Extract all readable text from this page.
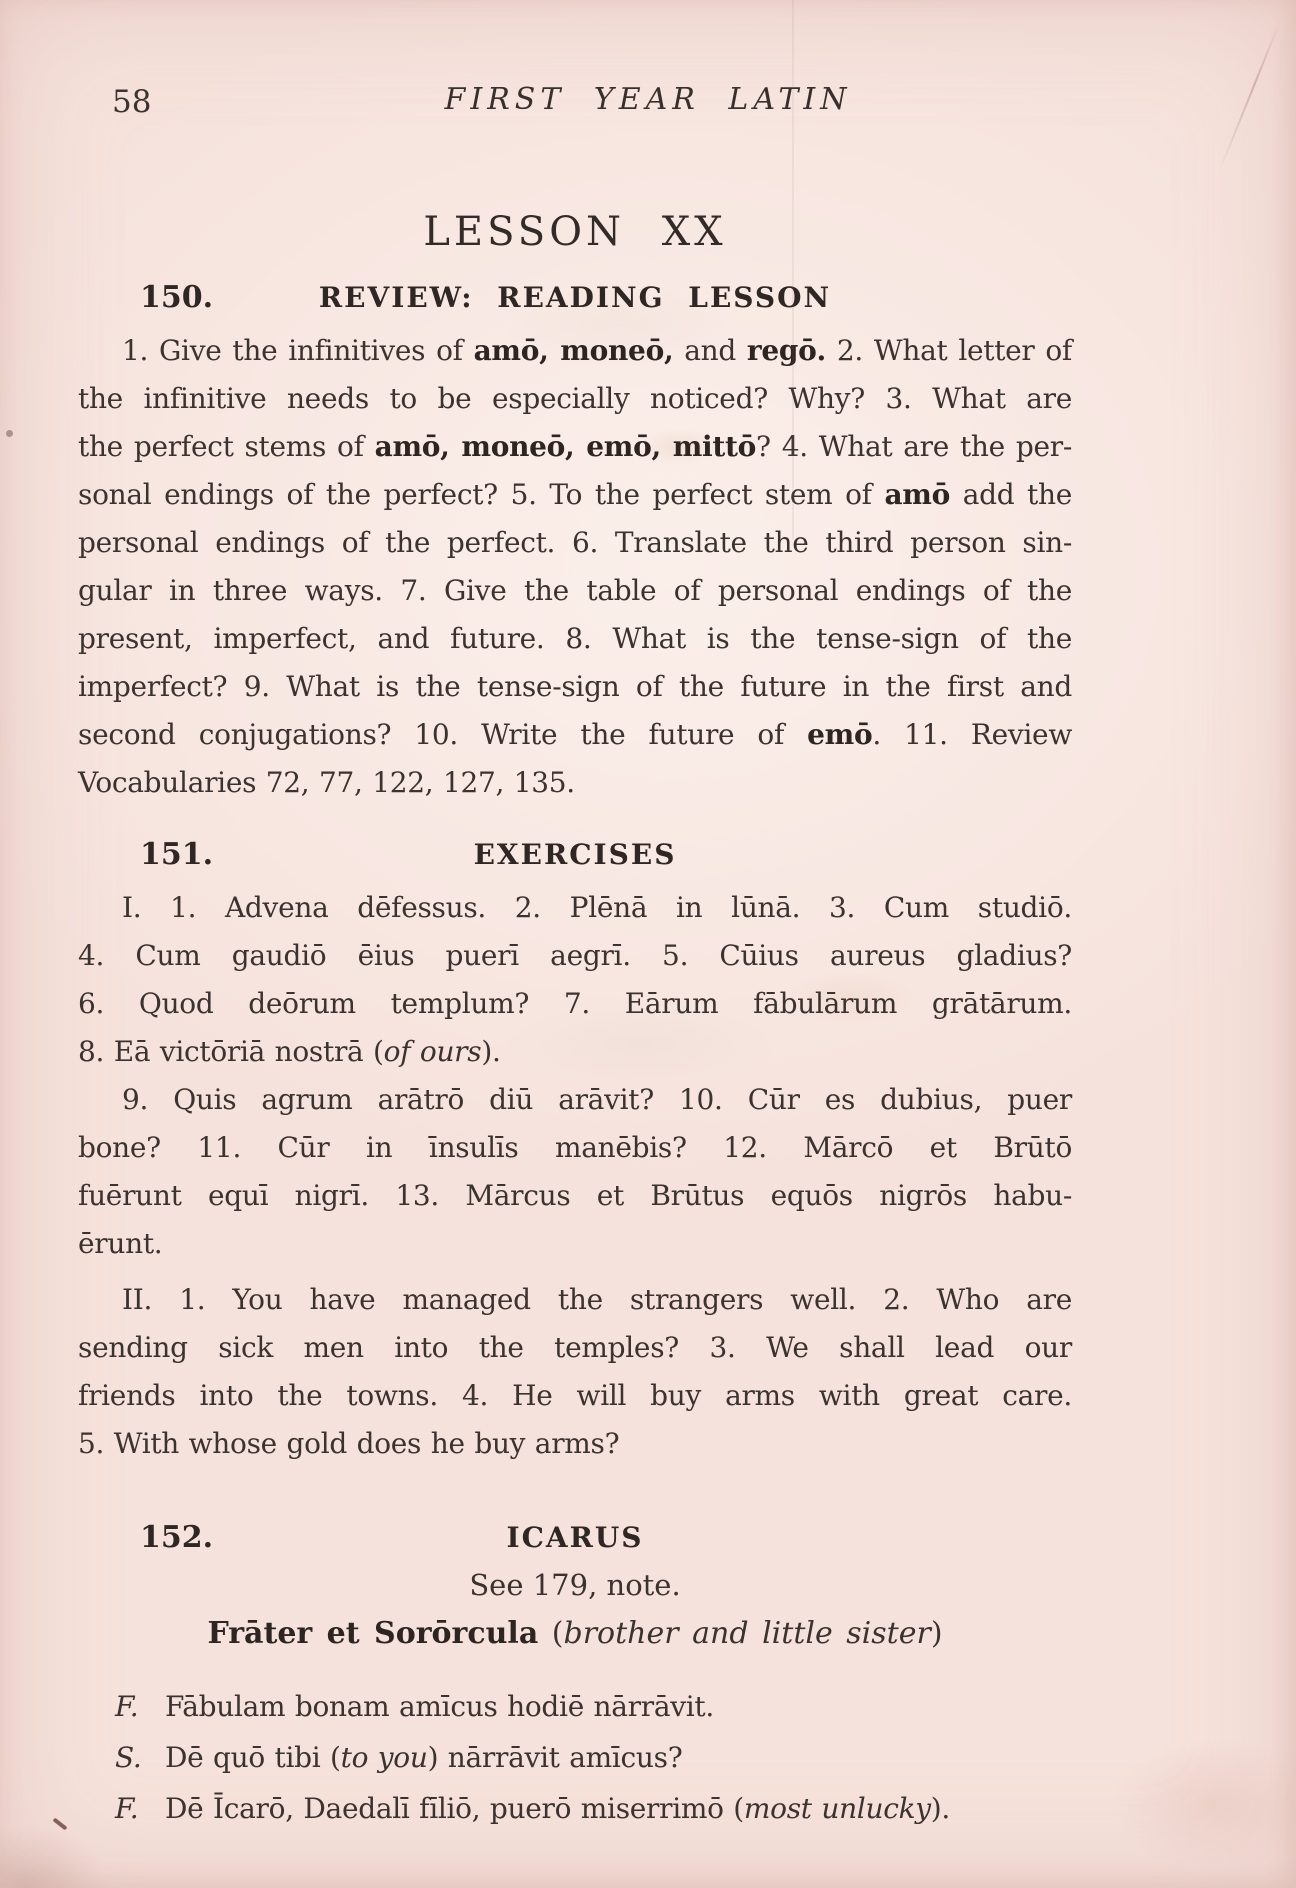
58	FIRST YEAR LATIN
LESSON XX
150.	REVIEW: READING LESSON
1. Give the infinitives of amō, moneō, and regō. 2. What letter of
the infinitive needs to be especially noticed? Why? 3. What are
the perfect stems of amō, moneō, emō, mittō? 4. What are the per-
sonal endings of the perfect? 5. To the perfect stem of amō add the
personal endings of the perfect. 6. Translate the third person sin-
gular in three ways. 7. Give the table of personal endings of the
present, imperfect, and future. 8. What is the tense-sign of the
imperfect? 9. What is the tense-sign of the future in the first and
second conjugations? 10. Write the future of emō. 11. Review
Vocabularies 72, 77, 122, 127, 135.
151.	EXERCISES
I. 1. Advena dēfessus. 2. Plēnā in lūnā. 3. Cum studiō.
4. Cum gaudiō ēius puerī aegrī. 5. Cūius aureus gladius?
6. Quod deōrum templum? 7. Eārum fābulārum grātārum.
8. Eā victōriā nostrā (of ours).
9. Quis agrum arātrō diū arāvit? 10. Cūr es dubius, puer
bone? 11. Cūr in īnsulīs manēbis? 12. Mārcō et Brūtō
fuērunt equī nigrī. 13. Mārcus et Brūtus equōs nigrōs habu-
ērunt.
II. 1. You have managed the strangers well. 2. Who are
sending sick men into the temples? 3. We shall lead our
friends into the towns. 4. He will buy arms with great care.
5. With whose gold does he buy arms?
152.	ICARUS
See 179, note.
Frāter et Sorōrcula (brother and little sister)
F. Fābulam bonam amīcus hodiē nārrāvit.
S. Dē quō tibi (to you) nārrāvit amīcus?
F. Dē Īcarō, Daedalī fīliō, puerō miserrimō (most unlucky).
